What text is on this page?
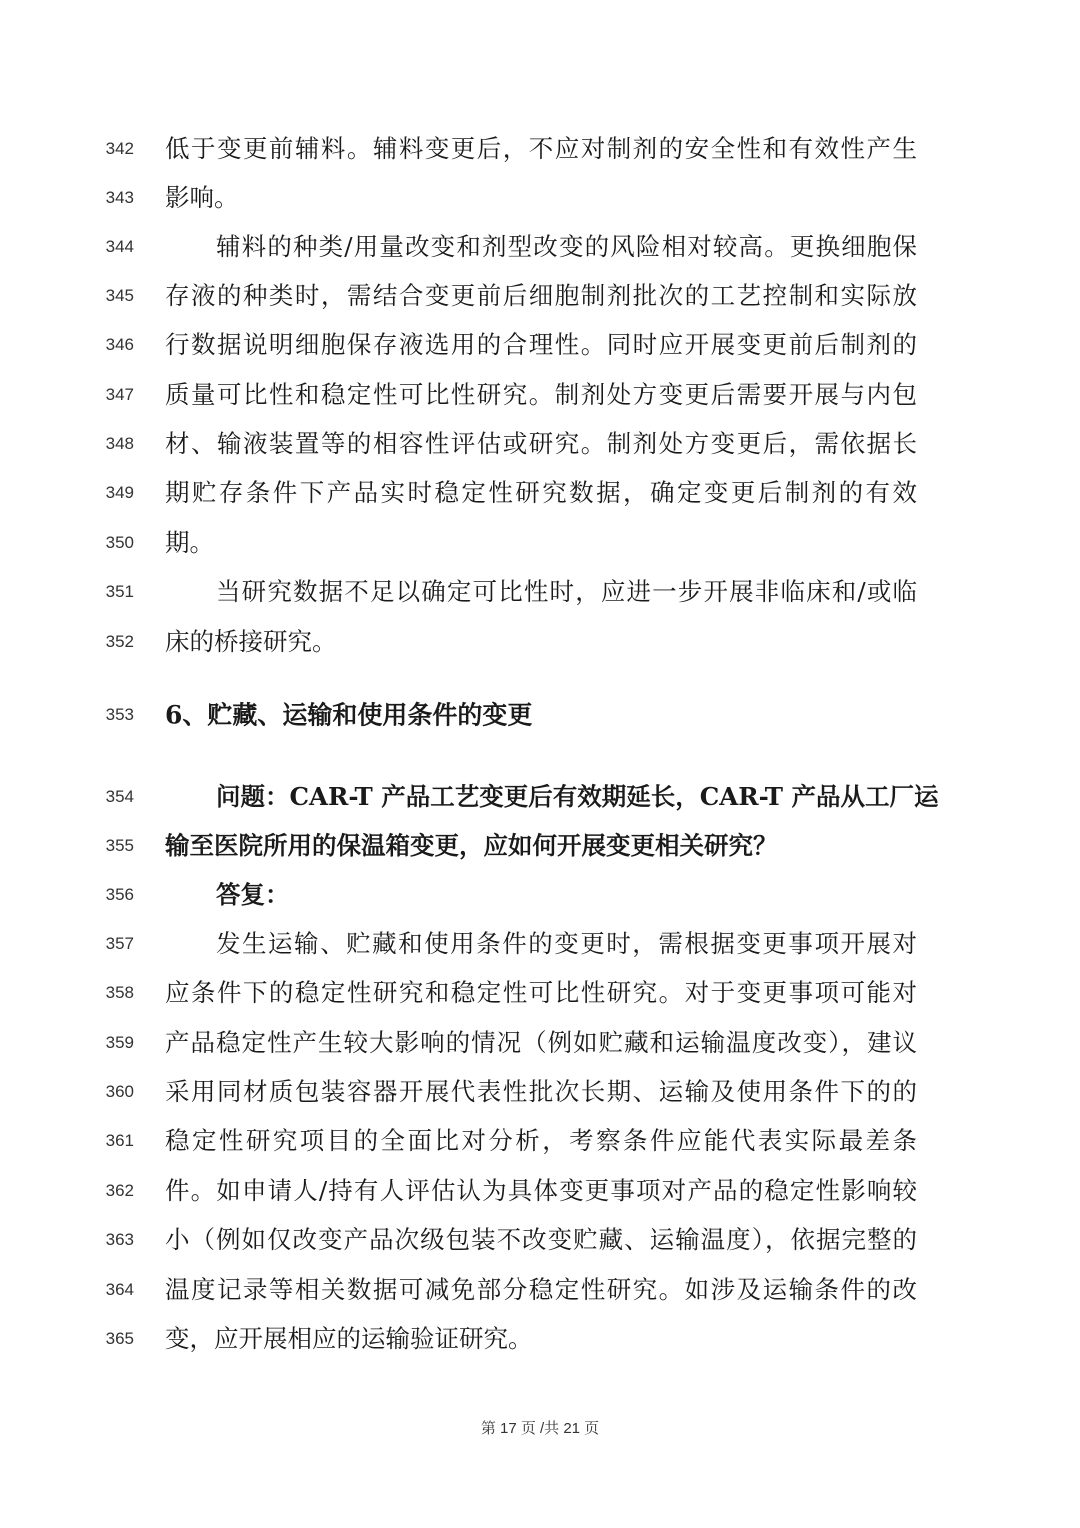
342 低于变更前辅料。辅料变更后，不应对制剂的安全性和有效性产生
343 影响。
344	辅料的种类/用量改变和剂型改变的风险相对较高。更换细胞保
345 存液的种类时，需结合变更前后细胞制剂批次的工艺控制和实际放
346 行数据说明细胞保存液选用的合理性。同时应开展变更前后制剂的
347 质量可比性和稳定性可比性研究。制剂处方变更后需要开展与内包
348 材、输液装置等的相容性评估或研究。制剂处方变更后，需依据长
349 期贮存条件下产品实时稳定性研究数据，确定变更后制剂的有效
350 期。
351	当研究数据不足以确定可比性时，应进一步开展非临床和/或临
352 床的桥接研究。
353 6、贮藏、运输和使用条件的变更
354	问题：CAR-T 产品工艺变更后有效期延长，CAR-T 产品从工厂运
355 输至医院所用的保温箱变更，应如何开展变更相关研究？
356	答复：
357	发生运输、贮藏和使用条件的变更时，需根据变更事项开展对
358 应条件下的稳定性研究和稳定性可比性研究。对于变更事项可能对
359 产品稳定性产生较大影响的情况（例如贮藏和运输温度改变），建议
360 采用同材质包装容器开展代表性批次长期、运输及使用条件下的的
361 稳定性研究项目的全面比对分析，考察条件应能代表实际最差条
362 件。如申请人/持有人评估认为具体变更事项对产品的稳定性影响较
363 小（例如仅改变产品次级包装不改变贮藏、运输温度），依据完整的
364 温度记录等相关数据可减免部分稳定性研究。如涉及运输条件的改
365 变，应开展相应的运输验证研究。
第 17 页 /共 21 页
